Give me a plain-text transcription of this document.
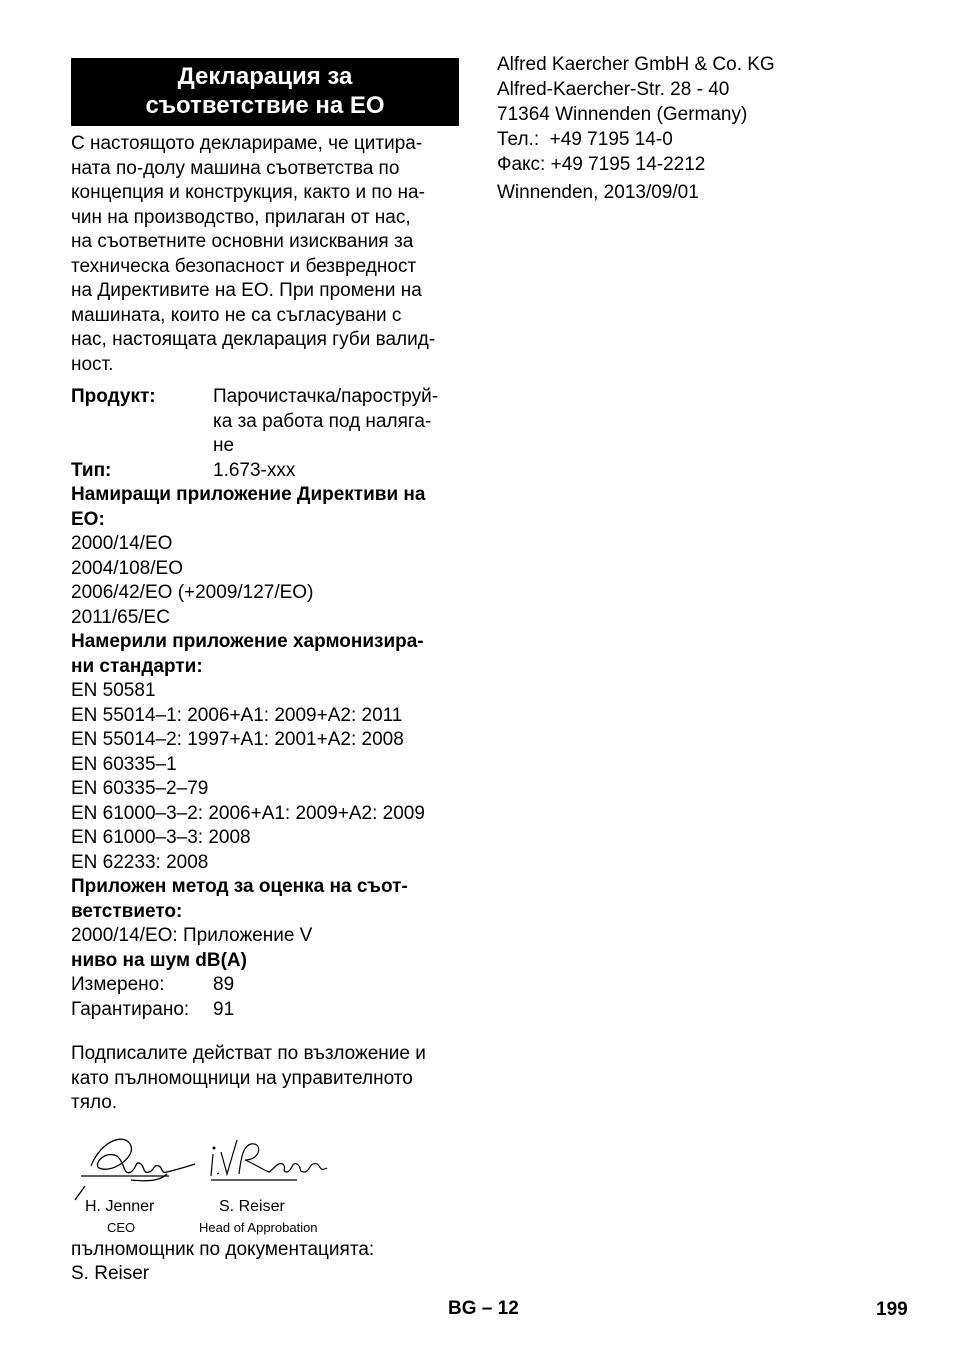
Декларация за
съответствие на ЕО
С настоящото декларираме, че цитира-
ната по-долу машина съответства по
концепция и конструкция, както и по на-
чин на производство, прилаган от нас,
на съответните основни изисквания за
техническа безопасност и безвредност
на Директивите на ЕО. При промени на
машината, които не са съгласувани с
нас, настоящата декларация губи валид-
ност.
Продукт:	Парочистачка/пароструй-
ка за работа под наляга-
не
Тип:	1.673-xxx
Намиращи приложение Директиви на
ЕО:
2000/14/ЕО
2004/108/ЕО
2006/42/ЕО (+2009/127/ЕО)
2011/65/ЕС
Намерили приложение хармонизира-
ни стандарти:
EN 50581
EN 55014–1: 2006+A1: 2009+A2: 2011
EN 55014–2: 1997+A1: 2001+A2: 2008
EN 60335–1
EN 60335–2–79
EN 61000–3–2: 2006+A1: 2009+A2: 2009
EN 61000–3–3: 2008
EN 62233: 2008
Приложен метод за оценка на съот-
ветствието:
2000/14/ЕО: Приложение V
ниво на шум dB(A)
Измерено:	89
Гарантирано:	91
Подписалите действат по възложение и
като пълномощници на управителното
тяло.
H. Jenner
CEO
S. Reiser
Head of Approbation
пълномощник по документацията:
S. Reiser
Alfred Kaercher GmbH & Co. KG
Alfred-Kaercher-Str. 28 - 40
71364 Winnenden (Germany)
Тел.:  +49 7195 14-0
Факс: +49 7195 14-2212
Winnenden, 2013/09/01
BG – 12	199
